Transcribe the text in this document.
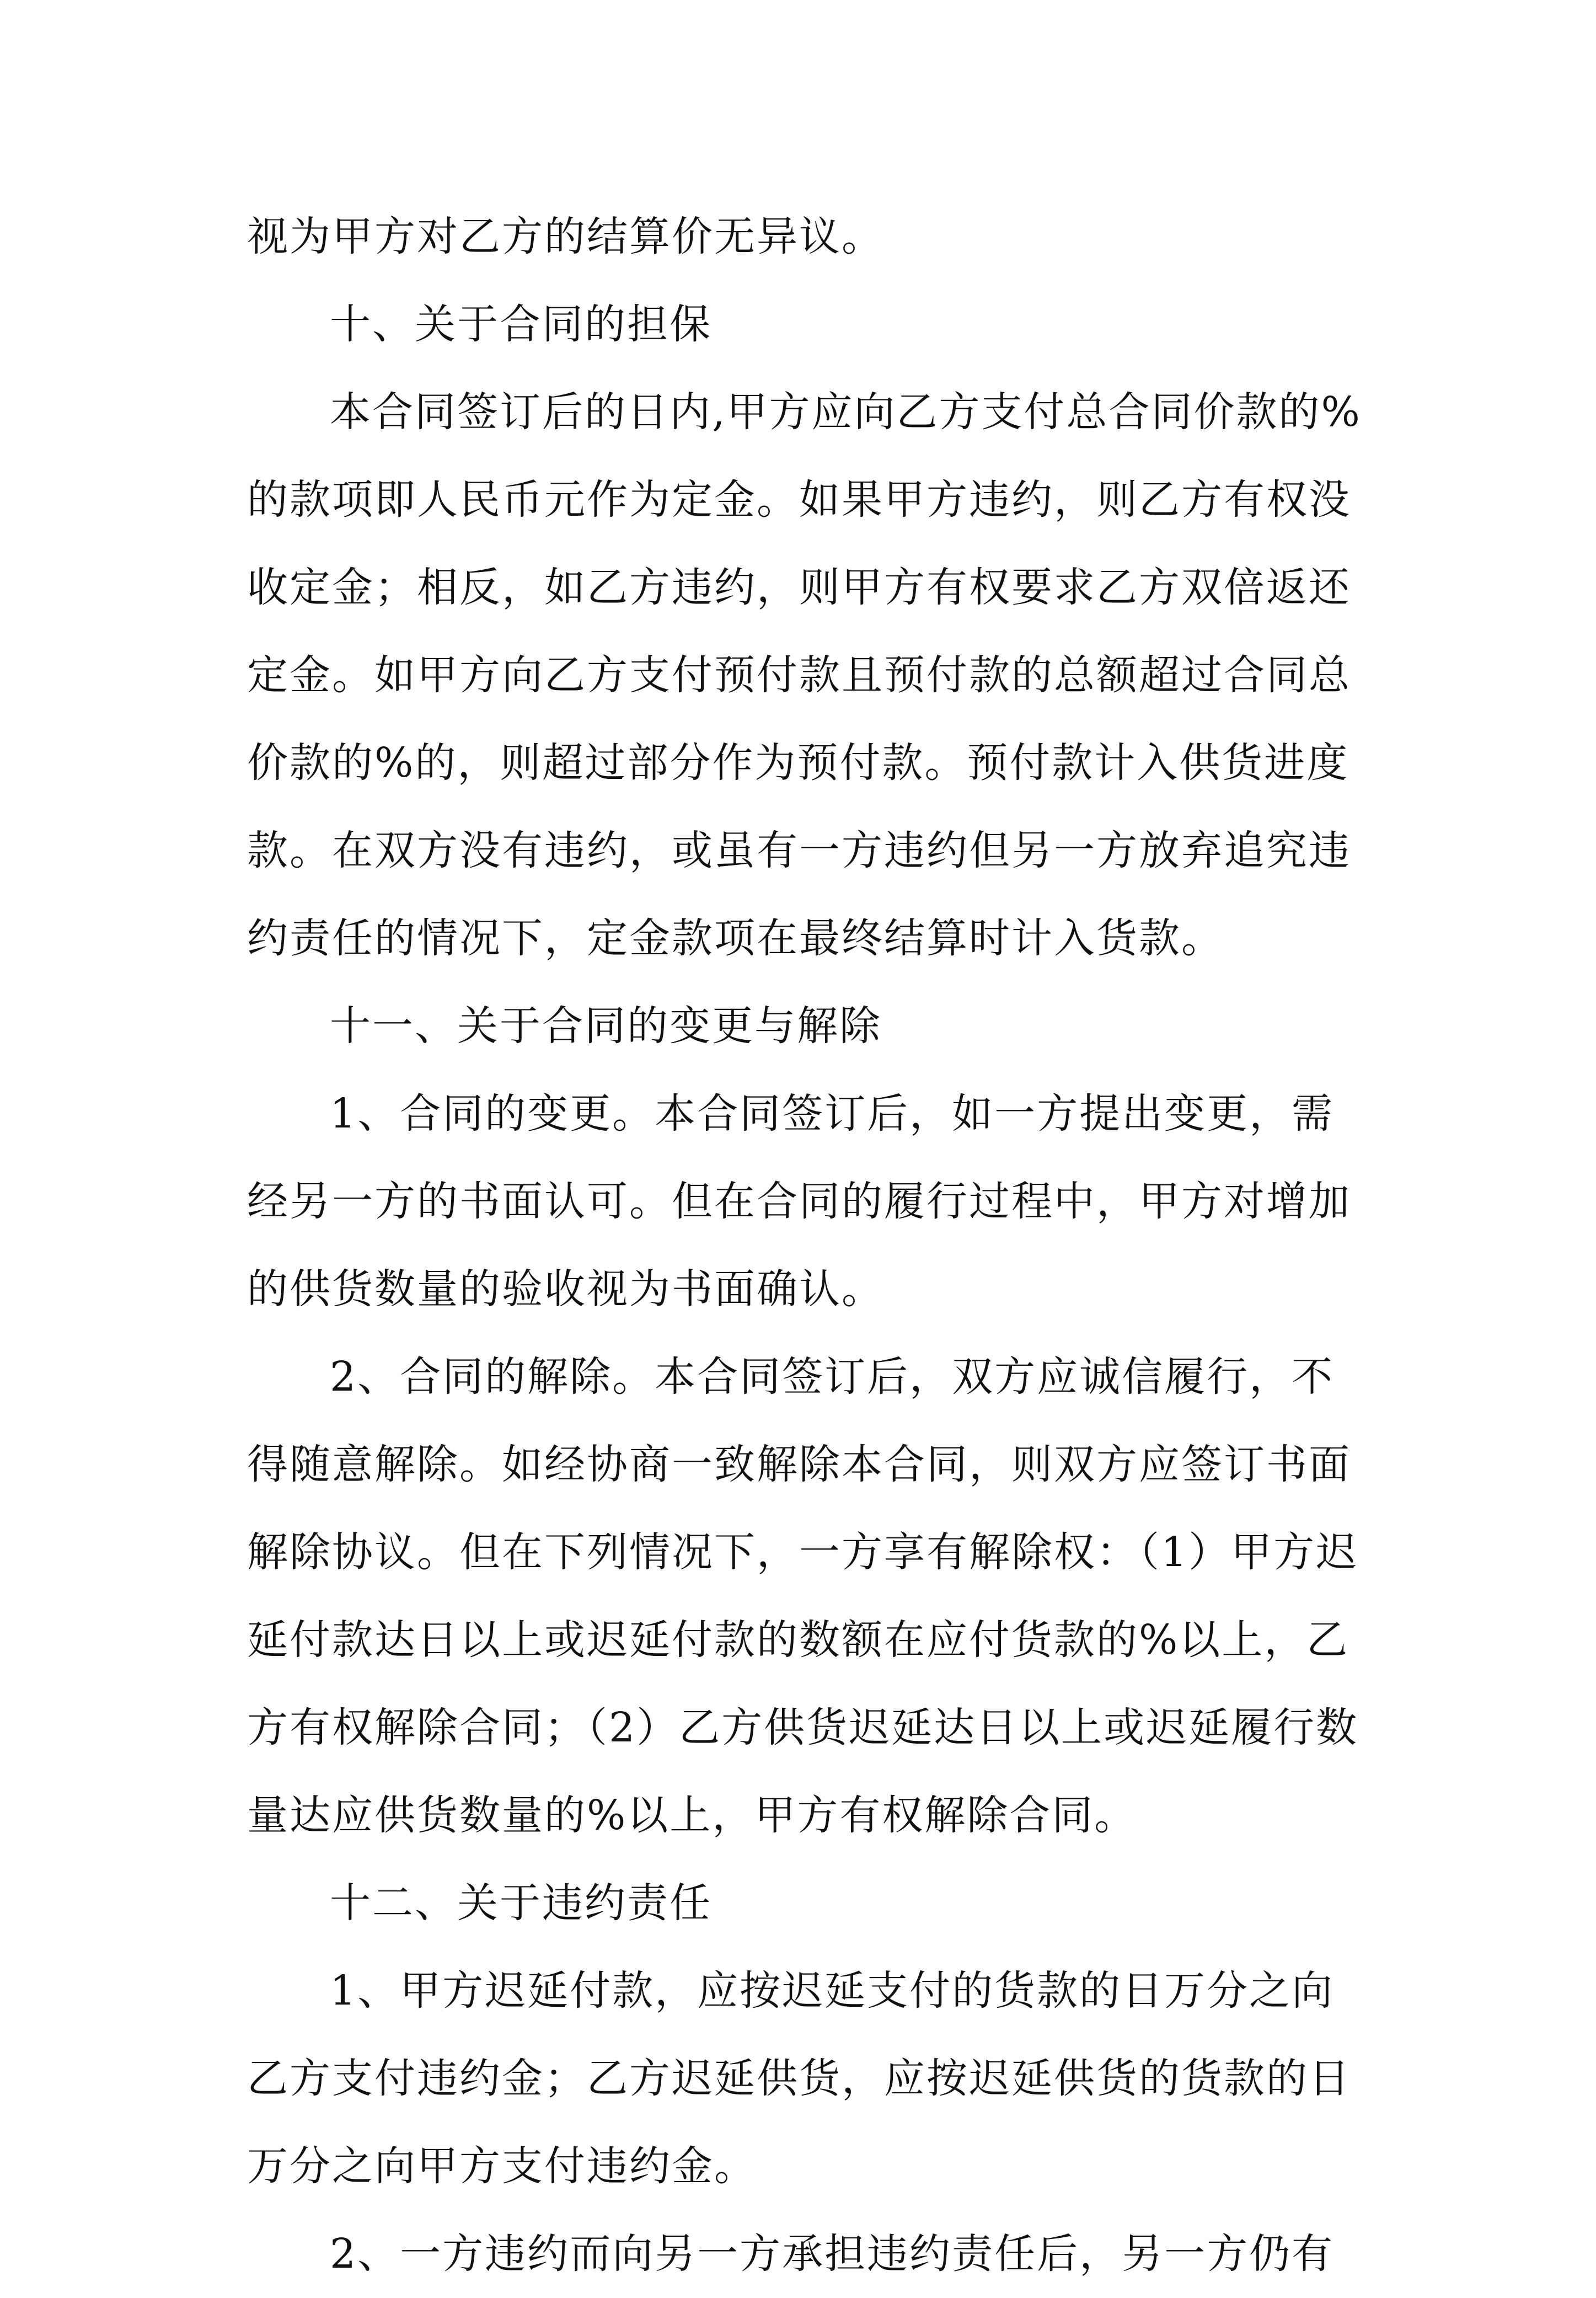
视为甲方对乙方的结算价无异议。
十、关于合同的担保
本合同签订后的日内,甲方应向乙方支付总合同价款的%
的款项即人民币元作为定金。如果甲方违约，则乙方有权没
收定金；相反，如乙方违约，则甲方有权要求乙方双倍返还
定金。如甲方向乙方支付预付款且预付款的总额超过合同总
价款的%的，则超过部分作为预付款。预付款计入供货进度
款。在双方没有违约，或虽有一方违约但另一方放弃追究违
约责任的情况下，定金款项在最终结算时计入货款。
十一、关于合同的变更与解除
1、合同的变更。本合同签订后，如一方提出变更，需
经另一方的书面认可。但在合同的履行过程中，甲方对增加
的供货数量的验收视为书面确认。
2、合同的解除。本合同签订后，双方应诚信履行，不
得随意解除。如经协商一致解除本合同，则双方应签订书面
解除协议。但在下列情况下，一方享有解除权：（1）甲方迟
延付款达日以上或迟延付款的数额在应付货款的%以上，乙
方有权解除合同；（2）乙方供货迟延达日以上或迟延履行数
量达应供货数量的%以上，甲方有权解除合同。
十二、关于违约责任
1、甲方迟延付款，应按迟延支付的货款的日万分之向
乙方支付违约金；乙方迟延供货，应按迟延供货的货款的日
万分之向甲方支付违约金。
2、一方违约而向另一方承担违约责任后，另一方仍有
